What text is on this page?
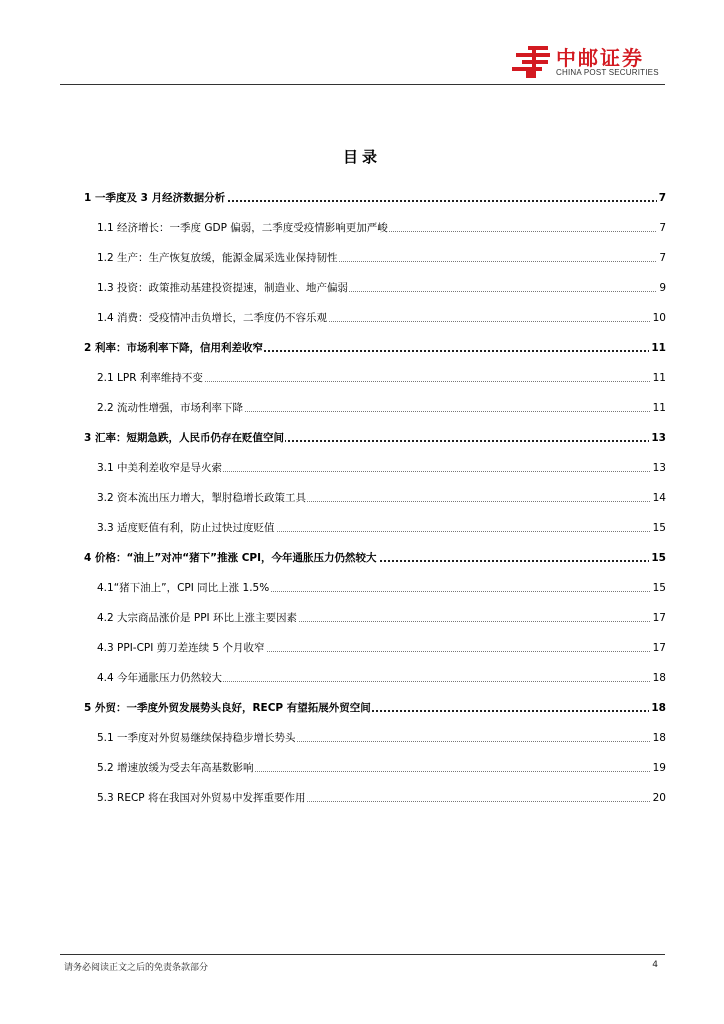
中邮证券
CHINA POST SECURITIES
目录
1 一季度及 3 月经济数据分析	7
1.1 经济增长：一季度 GDP 偏弱，二季度受疫情影响更加严峻	7
1.2 生产：生产恢复放缓，能源金属采选业保持韧性	7
1.3 投资：政策推动基建投资提速，制造业、地产偏弱	9
1.4 消费：受疫情冲击负增长，二季度仍不容乐观	10
2 利率：市场利率下降，信用利差收窄	11
2.1 LPR 利率维持不变	11
2.2 流动性增强，市场利率下降	11
3 汇率：短期急跌，人民币仍存在贬值空间	13
3.1 中美利差收窄是导火索	13
3.2 资本流出压力增大，掣肘稳增长政策工具	14
3.3 适度贬值有利，防止过快过度贬值	15
4 价格：“油上”对冲“猪下”推涨 CPI，今年通胀压力仍然较大	15
4.1“猪下油上”，CPI 同比上涨 1.5%	15
4.2 大宗商品涨价是 PPI 环比上涨主要因素	17
4.3 PPI-CPI 剪刀差连续 5 个月收窄	17
4.4 今年通胀压力仍然较大	18
5 外贸：一季度外贸发展势头良好，RECP 有望拓展外贸空间	18
5.1 一季度对外贸易继续保持稳步增长势头	18
5.2 增速放缓为受去年高基数影响	19
5.3 RECP 将在我国对外贸易中发挥重要作用	20
请务必阅读正文之后的免责条款部分	4
